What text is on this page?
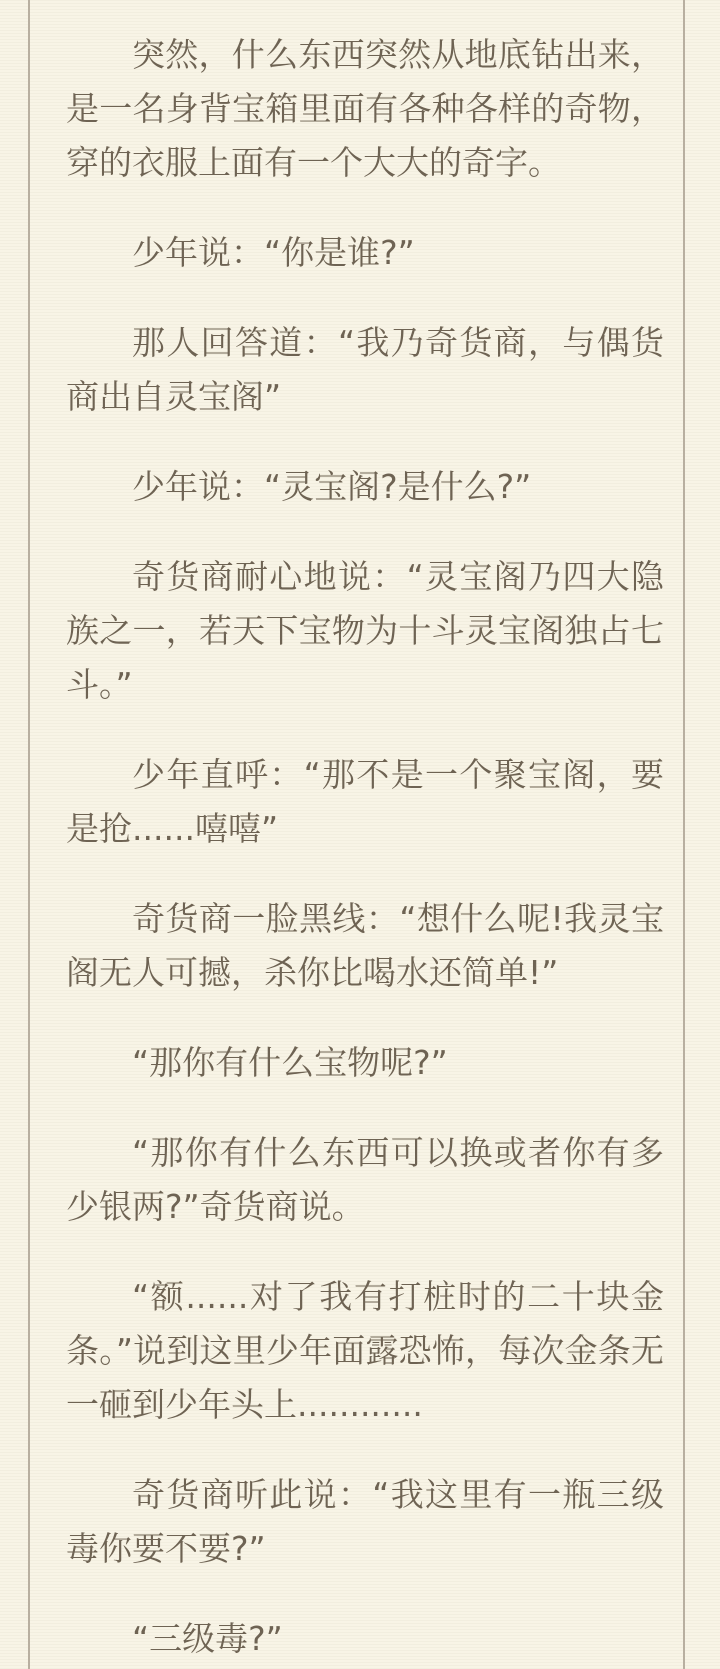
突然，什么东西突然从地底钻出来，是一名身背宝箱里面有各种各样的奇物，穿的衣服上面有一个大大的奇字。

少年说：“你是谁?”

那人回答道：“我乃奇货商，与偶货商出自灵宝阁”

少年说：“灵宝阁?是什么?”

奇货商耐心地说：“灵宝阁乃四大隐族之一，若天下宝物为十斗灵宝阁独占七斗。”

少年直呼：“那不是一个聚宝阁，要是抢......嘻嘻”

奇货商一脸黑线：“想什么呢!我灵宝阁无人可撼，杀你比喝水还简单!”

“那你有什么宝物呢?”

“那你有什么东西可以换或者你有多少银两?”奇货商说。

“额......对了我有打桩时的二十块金条。”说到这里少年面露恐怖，每次金条无一砸到少年头上............

奇货商听此说：“我这里有一瓶三级毒你要不要?”

“三级毒?”
